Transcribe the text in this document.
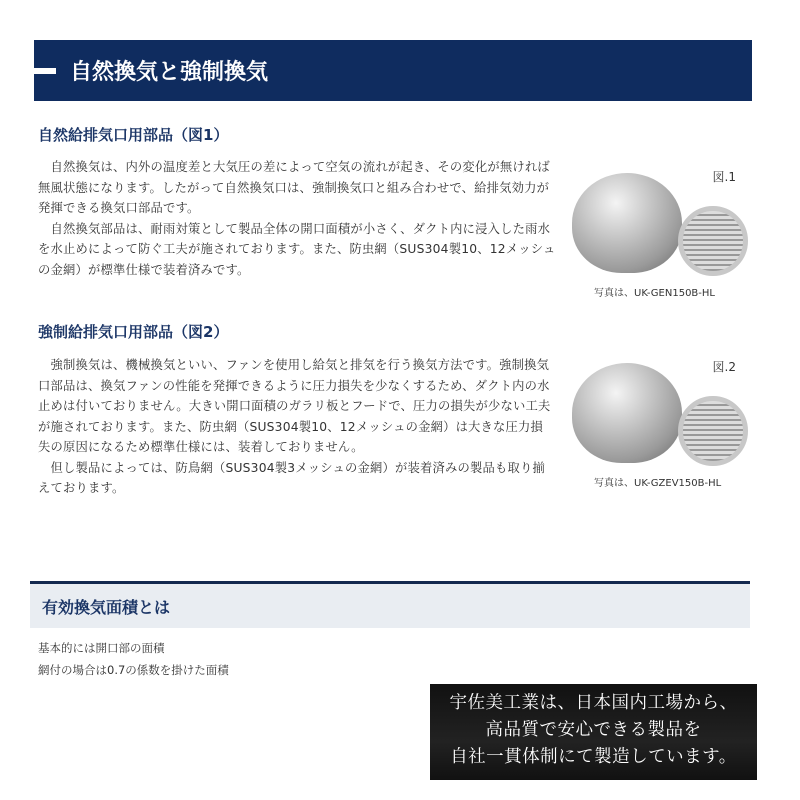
自然換気と強制換気
自然給排気口用部品（図1）
　自然換気は、内外の温度差と大気圧の差によって空気の流れが起き、その変化が無ければ
無風状態になります。したがって自然換気口は、強制換気口と組み合わせで、給排気効力が
発揮できる換気口部品です。
　自然換気部品は、耐雨対策として製品全体の開口面積が小さく、ダクト内に浸入した雨水
を水止めによって防ぐ工夫が施されております。また、防虫網（SUS304製10、12メッシュ
の金網）が標準仕様で装着済みです。
図.1
写真は、UK-GEN150B-HL
強制給排気口用部品（図2）
　強制換気は、機械換気といい、ファンを使用し給気と排気を行う換気方法です。強制換気
口部品は、換気ファンの性能を発揮できるように圧力損失を少なくするため、ダクト内の水
止めは付いておりません。大きい開口面積のガラリ板とフードで、圧力の損失が少ない工夫
が施されております。また、防虫網（SUS304製10、12メッシュの金網）は大きな圧力損
失の原因になるため標準仕様には、装着しておりません。
　但し製品によっては、防鳥網（SUS304製3メッシュの金網）が装着済みの製品も取り揃
えております。
図.2
写真は、UK-GZEV150B-HL
有効換気面積とは
基本的には開口部の面積
網付の場合は0.7の係数を掛けた面積
宇佐美工業は、日本国内工場から、
高品質で安心できる製品を
自社一貫体制にて製造しています。
